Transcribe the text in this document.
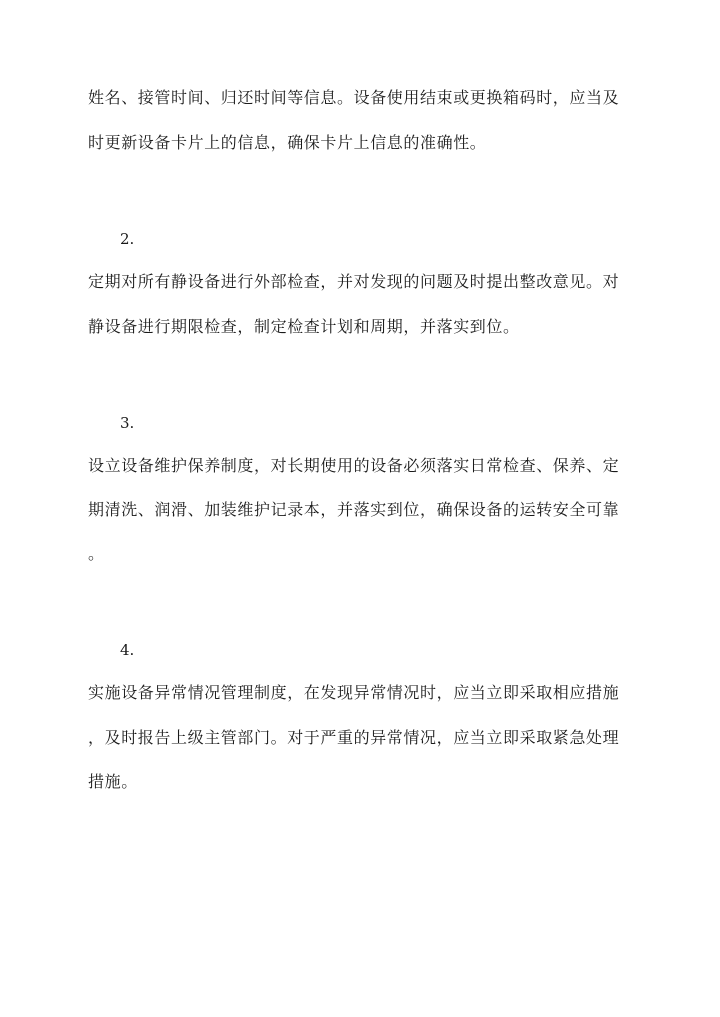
姓名、接管时间、归还时间等信息。设备使用结束或更换箱码时，应当及
时更新设备卡片上的信息，确保卡片上信息的准确性。
2.
定期对所有静设备进行外部检查，并对发现的问题及时提出整改意见。对
静设备进行期限检查，制定检查计划和周期，并落实到位。
3.
设立设备维护保养制度，对长期使用的设备必须落实日常检查、保养、定
期清洗、润滑、加装维护记录本，并落实到位，确保设备的运转安全可靠
。
4.
实施设备异常情况管理制度，在发现异常情况时，应当立即采取相应措施
，及时报告上级主管部门。对于严重的异常情况，应当立即采取紧急处理
措施。
